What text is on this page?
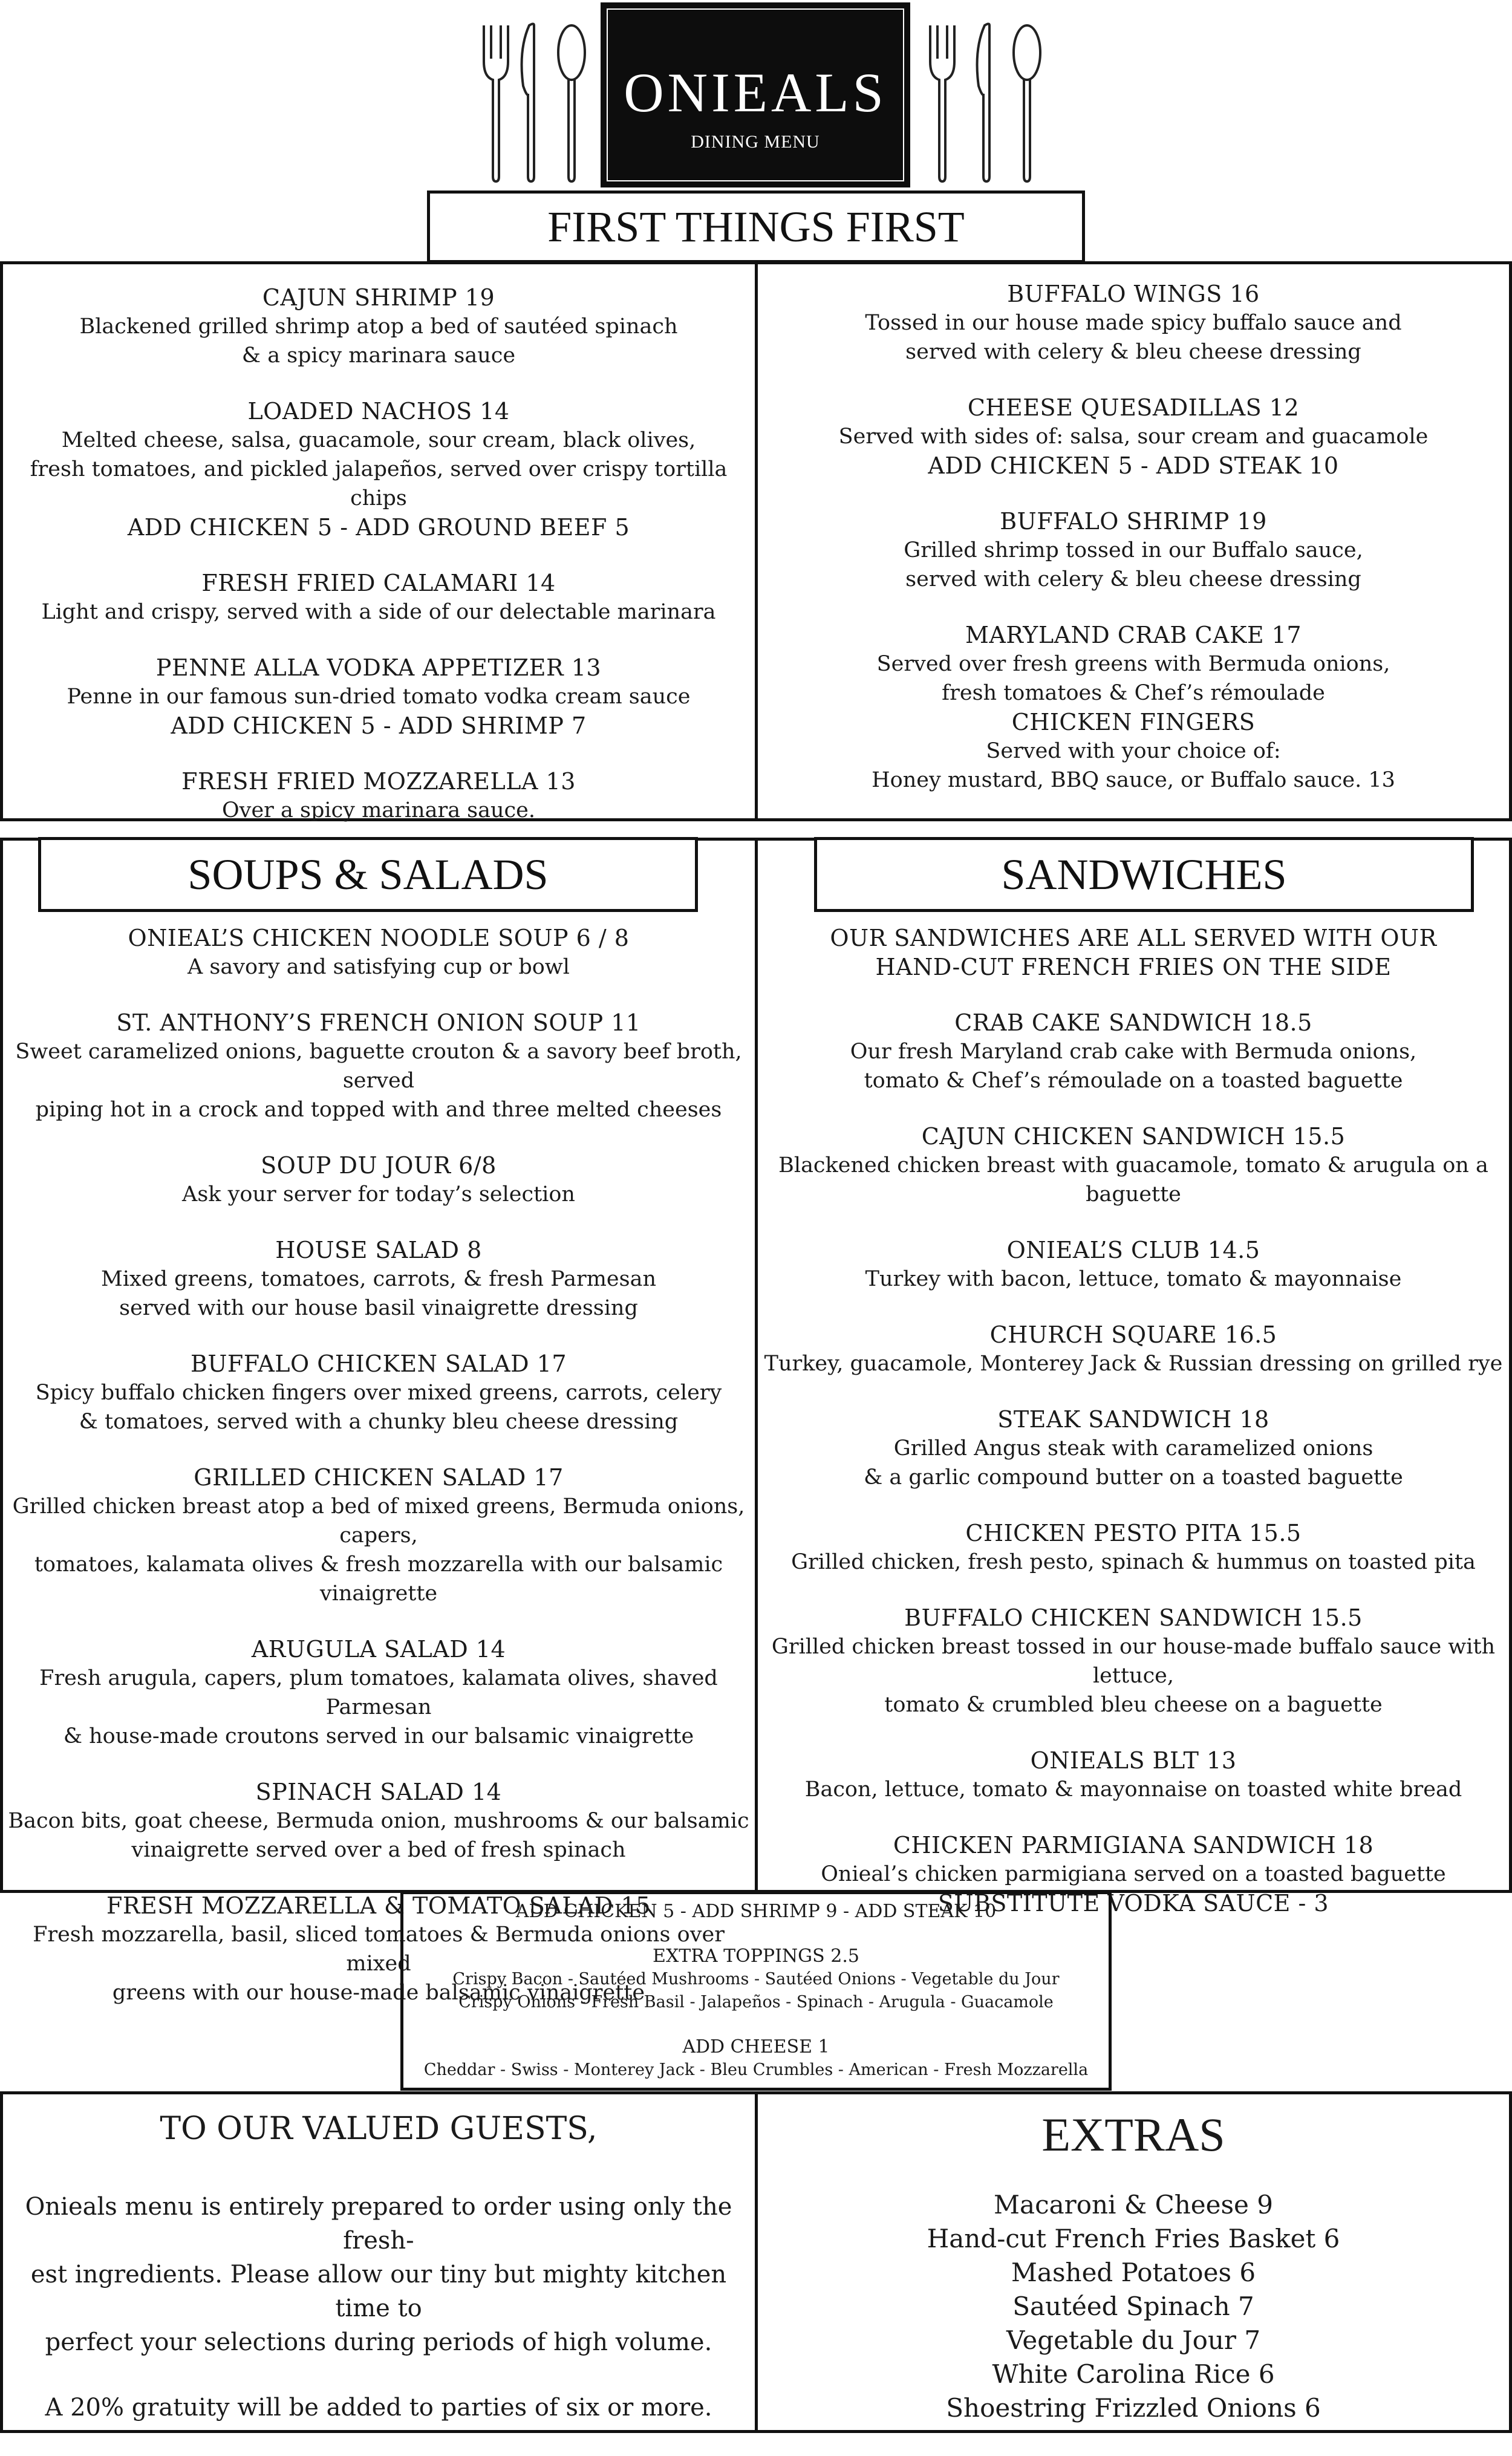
ONIEALS
DINING MENU
FIRST THINGS FIRST
CAJUN SHRIMP 19
Blackened grilled shrimp atop a bed of sautéed spinach
& a spicy marinara sauce
LOADED NACHOS 14
Melted cheese, salsa, guacamole, sour cream, black olives,
fresh tomatoes, and pickled jalapeños, served over crispy tortilla chips
ADD CHICKEN 5 - ADD GROUND BEEF 5
FRESH FRIED CALAMARI 14
Light and crispy, served with a side of our delectable marinara
PENNE ALLA VODKA APPETIZER 13
Penne in our famous sun-dried tomato vodka cream sauce
ADD CHICKEN 5 - ADD SHRIMP 7
FRESH FRIED MOZZARELLA 13
Over a spicy marinara sauce.
BUFFALO WINGS 16
Tossed in our house made spicy buffalo sauce and
served with celery & bleu cheese dressing
CHEESE QUESADILLAS 12
Served with sides of: salsa, sour cream and guacamole
ADD CHICKEN 5 - ADD STEAK 10
BUFFALO SHRIMP 19
Grilled shrimp tossed in our Buffalo sauce,
served with celery & bleu cheese dressing
MARYLAND CRAB CAKE 17
Served over fresh greens with Bermuda onions,
fresh tomatoes & Chef’s rémoulade
CHICKEN FINGERS
Served with your choice of:
Honey mustard, BBQ sauce, or Buffalo sauce. 13
SOUPS & SALADS	SANDWICHES
ONIEAL’S CHICKEN NOODLE SOUP 6 / 8
A savory and satisfying cup or bowl
ST. ANTHONY’S FRENCH ONION SOUP 11
Sweet caramelized onions, baguette crouton & a savory beef broth, served
piping hot in a crock and topped with and three melted cheeses
SOUP DU JOUR 6/8
Ask your server for today’s selection
HOUSE SALAD 8
Mixed greens, tomatoes, carrots, & fresh Parmesan
served with our house basil vinaigrette dressing
BUFFALO CHICKEN SALAD 17
Spicy buffalo chicken fingers over mixed greens, carrots, celery
& tomatoes, served with a chunky bleu cheese dressing
GRILLED CHICKEN SALAD 17
Grilled chicken breast atop a bed of mixed greens, Bermuda onions, capers,
tomatoes, kalamata olives & fresh mozzarella with our balsamic vinaigrette
ARUGULA SALAD 14
Fresh arugula, capers, plum tomatoes, kalamata olives, shaved Parmesan
& house-made croutons served in our balsamic vinaigrette
SPINACH SALAD 14
Bacon bits, goat cheese, Bermuda onion, mushrooms & our balsamic
vinaigrette served over a bed of fresh spinach
FRESH MOZZARELLA & TOMATO SALAD 15
Fresh mozzarella, basil, sliced tomatoes & Bermuda onions over mixed
greens with our house-made balsamic vinaigrette
OUR SANDWICHES ARE ALL SERVED WITH OUR
HAND-CUT FRENCH FRIES ON THE SIDE
CRAB CAKE SANDWICH 18.5
Our fresh Maryland crab cake with Bermuda onions,
tomato & Chef’s rémoulade on a toasted baguette
CAJUN CHICKEN SANDWICH 15.5
Blackened chicken breast with guacamole, tomato & arugula on a baguette
ONIEAL’S CLUB 14.5
Turkey with bacon, lettuce, tomato & mayonnaise
CHURCH SQUARE 16.5
Turkey, guacamole, Monterey Jack & Russian dressing on grilled rye
STEAK SANDWICH 18
Grilled Angus steak with caramelized onions
& a garlic compound butter on a toasted baguette
CHICKEN PESTO PITA 15.5
Grilled chicken, fresh pesto, spinach & hummus on toasted pita
BUFFALO CHICKEN SANDWICH 15.5
Grilled chicken breast tossed in our house-made buffalo sauce with lettuce,
tomato & crumbled bleu cheese on a baguette
ONIEALS BLT 13
Bacon, lettuce, tomato & mayonnaise on toasted white bread
CHICKEN PARMIGIANA SANDWICH 18
Onieal’s chicken parmigiana served on a toasted baguette
SUBSTITUTE VODKA SAUCE - 3
ADD CHICKEN 5 - ADD SHRIMP 9 - ADD STEAK 10
EXTRA TOPPINGS 2.5
Crispy Bacon - Sautéed Mushrooms - Sautéed Onions - Vegetable du Jour
Crispy Onions - Fresh Basil - Jalapeños - Spinach - Arugula - Guacamole
ADD CHEESE 1
Cheddar - Swiss - Monterey Jack - Bleu Crumbles - American - Fresh Mozzarella
TO OUR VALUED GUESTS,

Onieals menu is entirely prepared to order using only the fresh-
est ingredients. Please allow our tiny but mighty kitchen time to
perfect your selections during periods of high volume.

A 20% gratuity will be added to parties of six or more.

EXTRAS
Macaroni & Cheese 9
Hand-cut French Fries Basket 6
Mashed Potatoes 6
Sautéed Spinach 7
Vegetable du Jour 7
White Carolina Rice 6
Shoestring Frizzled Onions 6
